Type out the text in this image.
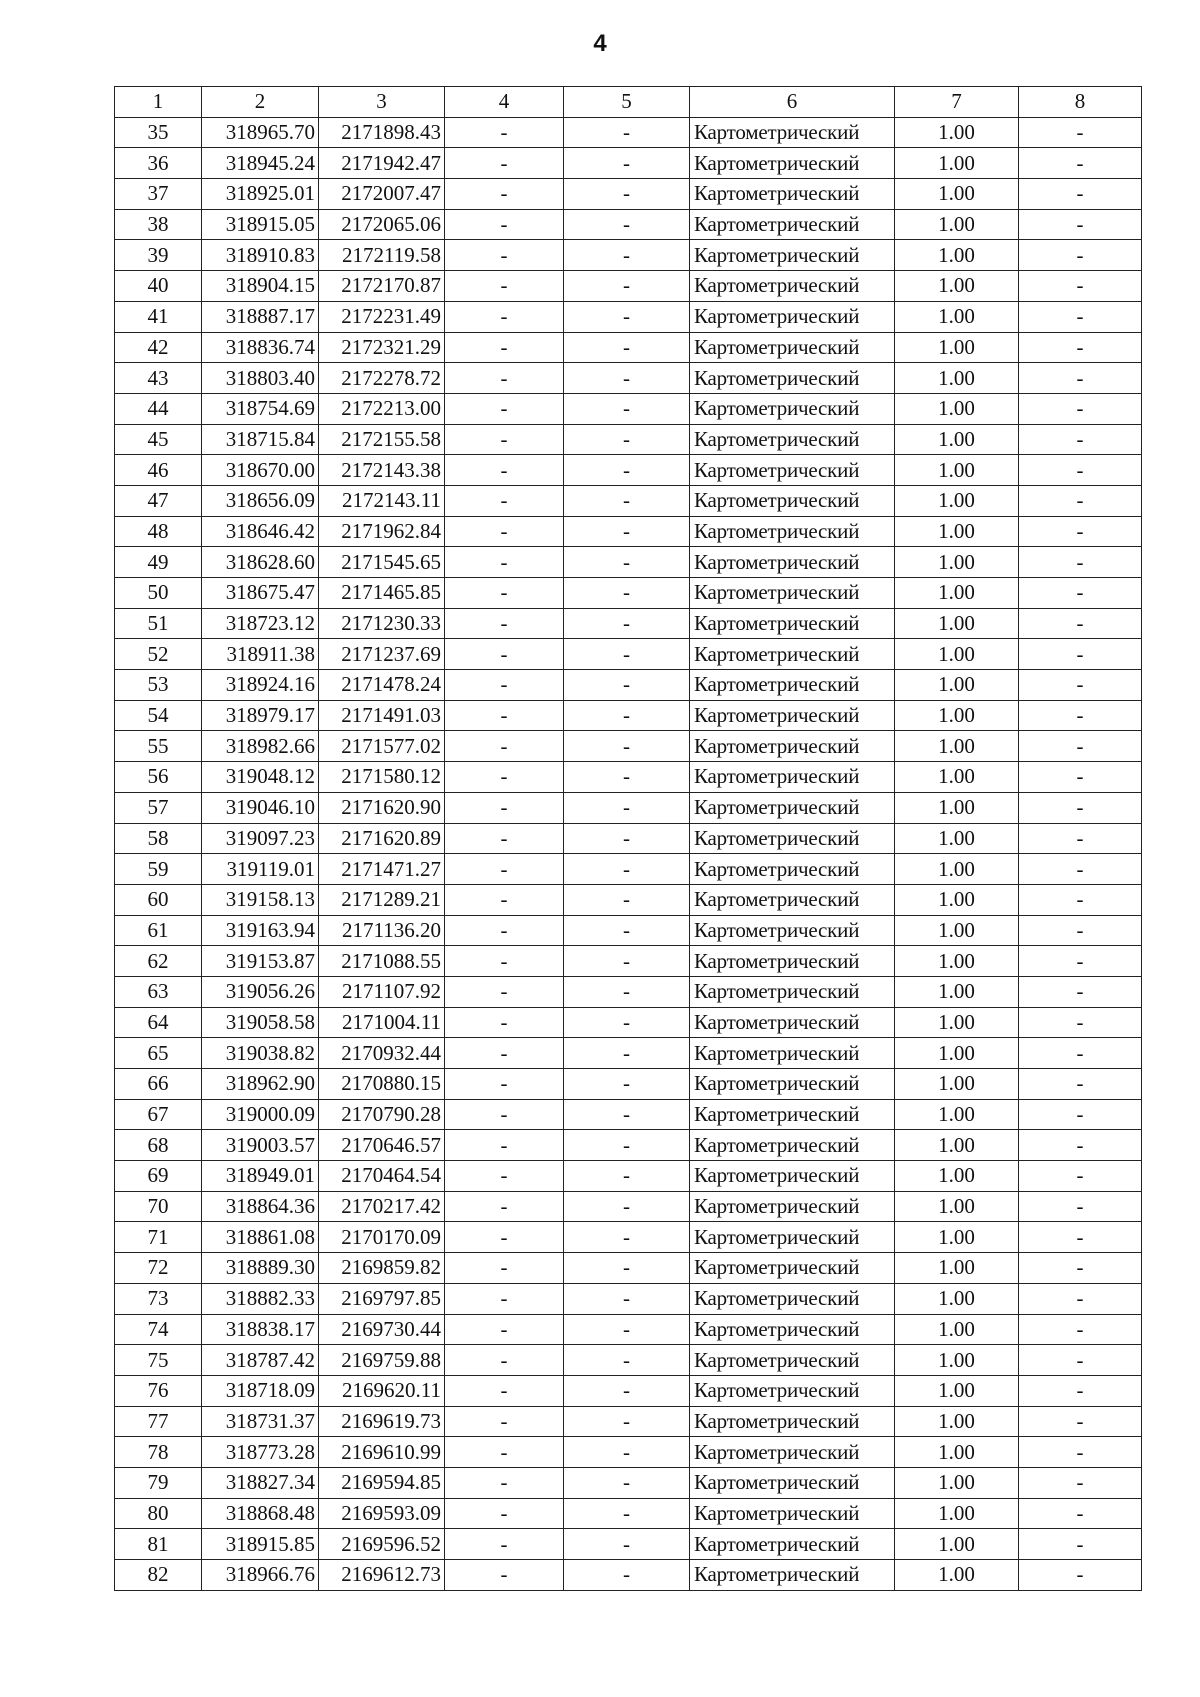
4
1	2	3	4	5	6	7	8
35	318965.70	2171898.43	-	-	Картометрический	1.00	-
36	318945.24	2171942.47	-	-	Картометрический	1.00	-
37	318925.01	2172007.47	-	-	Картометрический	1.00	-
38	318915.05	2172065.06	-	-	Картометрический	1.00	-
39	318910.83	2172119.58	-	-	Картометрический	1.00	-
40	318904.15	2172170.87	-	-	Картометрический	1.00	-
41	318887.17	2172231.49	-	-	Картометрический	1.00	-
42	318836.74	2172321.29	-	-	Картометрический	1.00	-
43	318803.40	2172278.72	-	-	Картометрический	1.00	-
44	318754.69	2172213.00	-	-	Картометрический	1.00	-
45	318715.84	2172155.58	-	-	Картометрический	1.00	-
46	318670.00	2172143.38	-	-	Картометрический	1.00	-
47	318656.09	2172143.11	-	-	Картометрический	1.00	-
48	318646.42	2171962.84	-	-	Картометрический	1.00	-
49	318628.60	2171545.65	-	-	Картометрический	1.00	-
50	318675.47	2171465.85	-	-	Картометрический	1.00	-
51	318723.12	2171230.33	-	-	Картометрический	1.00	-
52	318911.38	2171237.69	-	-	Картометрический	1.00	-
53	318924.16	2171478.24	-	-	Картометрический	1.00	-
54	318979.17	2171491.03	-	-	Картометрический	1.00	-
55	318982.66	2171577.02	-	-	Картометрический	1.00	-
56	319048.12	2171580.12	-	-	Картометрический	1.00	-
57	319046.10	2171620.90	-	-	Картометрический	1.00	-
58	319097.23	2171620.89	-	-	Картометрический	1.00	-
59	319119.01	2171471.27	-	-	Картометрический	1.00	-
60	319158.13	2171289.21	-	-	Картометрический	1.00	-
61	319163.94	2171136.20	-	-	Картометрический	1.00	-
62	319153.87	2171088.55	-	-	Картометрический	1.00	-
63	319056.26	2171107.92	-	-	Картометрический	1.00	-
64	319058.58	2171004.11	-	-	Картометрический	1.00	-
65	319038.82	2170932.44	-	-	Картометрический	1.00	-
66	318962.90	2170880.15	-	-	Картометрический	1.00	-
67	319000.09	2170790.28	-	-	Картометрический	1.00	-
68	319003.57	2170646.57	-	-	Картометрический	1.00	-
69	318949.01	2170464.54	-	-	Картометрический	1.00	-
70	318864.36	2170217.42	-	-	Картометрический	1.00	-
71	318861.08	2170170.09	-	-	Картометрический	1.00	-
72	318889.30	2169859.82	-	-	Картометрический	1.00	-
73	318882.33	2169797.85	-	-	Картометрический	1.00	-
74	318838.17	2169730.44	-	-	Картометрический	1.00	-
75	318787.42	2169759.88	-	-	Картометрический	1.00	-
76	318718.09	2169620.11	-	-	Картометрический	1.00	-
77	318731.37	2169619.73	-	-	Картометрический	1.00	-
78	318773.28	2169610.99	-	-	Картометрический	1.00	-
79	318827.34	2169594.85	-	-	Картометрический	1.00	-
80	318868.48	2169593.09	-	-	Картометрический	1.00	-
81	318915.85	2169596.52	-	-	Картометрический	1.00	-
82	318966.76	2169612.73	-	-	Картометрический	1.00	-
